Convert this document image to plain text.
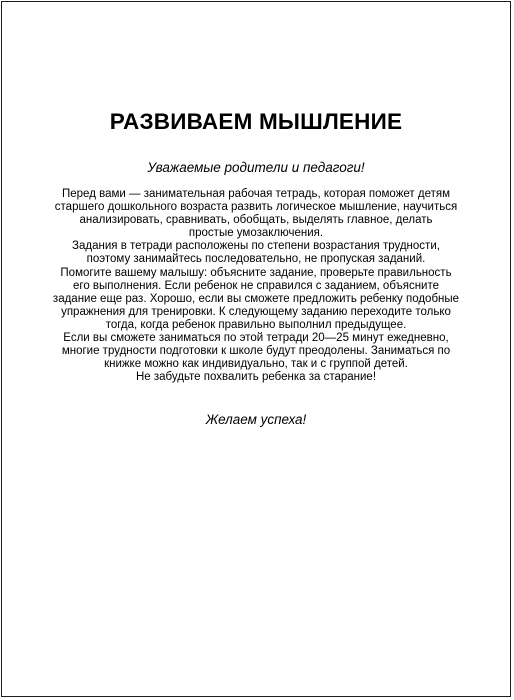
РАЗВИВАЕМ МЫШЛЕНИЕ

Уважаемые родители и педагоги!

Перед вами — занимательная рабочая тетрадь, которая поможет детям
старшего дошкольного возраста развить логическое мышление, научиться
анализировать, сравнивать, обобщать, выделять главное, делать
простые умозаключения.
Задания в тетради расположены по степени возрастания трудности,
поэтому занимайтесь последовательно, не пропуская заданий.
Помогите вашему малышу: объясните задание, проверьте правильность
его выполнения. Если ребенок не справился с заданием, объясните
задание еще раз. Хорошо, если вы сможете предложить ребенку подобные
упражнения для тренировки. К следующему заданию переходите только
тогда, когда ребенок правильно выполнил предыдущее.
Если вы сможете заниматься по этой тетради 20—25 минут ежедневно,
многие трудности подготовки к школе будут преодолены. Заниматься по
книжке можно как индивидуально, так и с группой детей.
Не забудьте похвалить ребенка за старание!

Желаем успеха!
